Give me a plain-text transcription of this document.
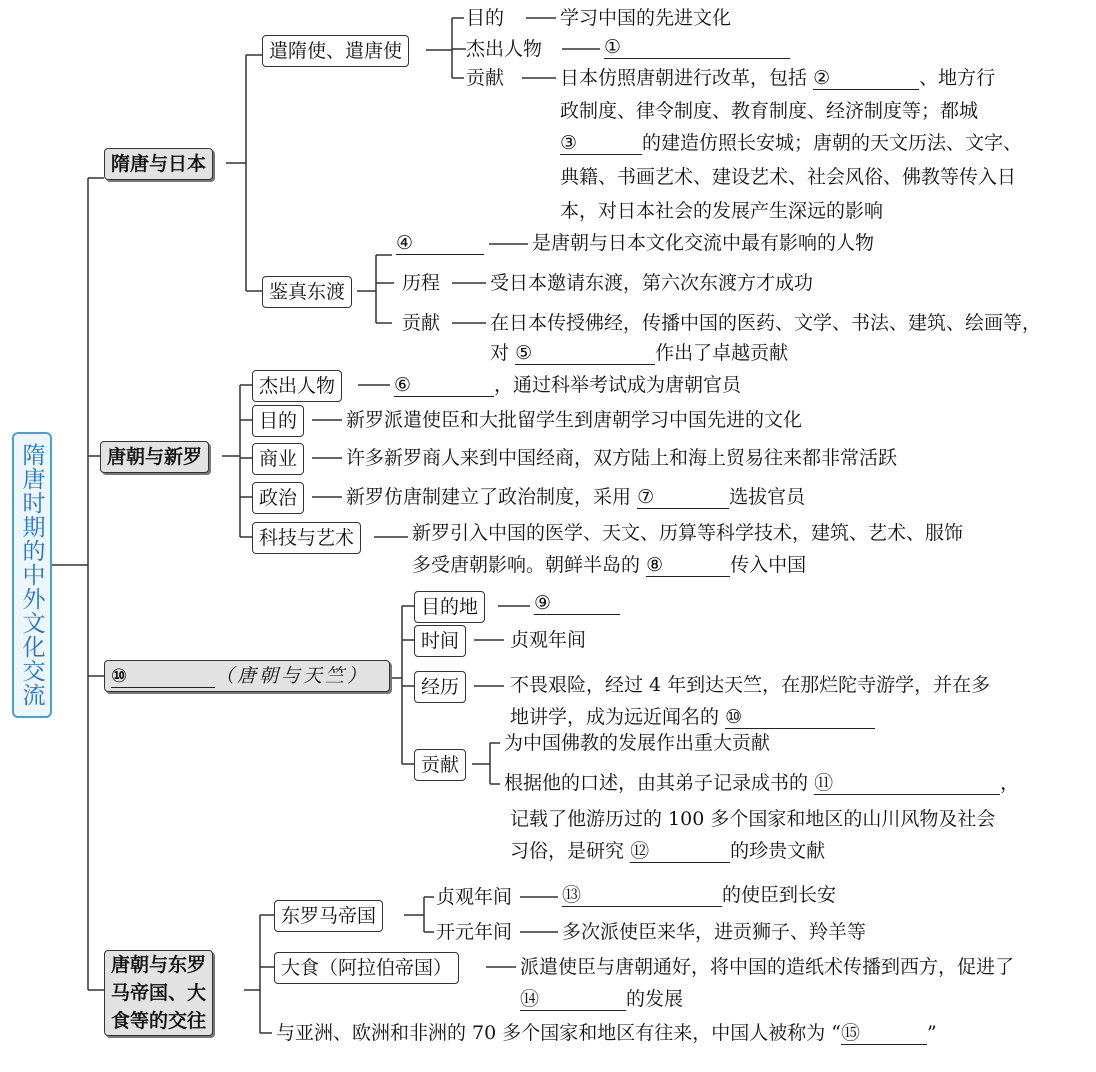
隋唐时期的中外文化交流
隋唐与日本
遣隋使、遣唐使
目的	学习中国的先进文化
杰出人物	①
贡献	日本仿照唐朝进行改革，包括 ②	、地方行
政制度、律令制度、教育制度、经济制度等；都城
③	的建造仿照长安城；唐朝的天文历法、文字、
典籍、书画艺术、建设艺术、社会风俗、佛教等传入日
本，对日本社会的发展产生深远的影响
鉴真东渡
④	是唐朝与日本文化交流中最有影响的人物
历程	受日本邀请东渡，第六次东渡方才成功
贡献	在日本传授佛经，传播中国的医药、文学、书法、建筑、绘画等，
对 ⑤	作出了卓越贡献
唐朝与新罗
杰出人物	⑥	，通过科举考试成为唐朝官员
目的	新罗派遣使臣和大批留学生到唐朝学习中国先进的文化
商业	许多新罗商人来到中国经商，双方陆上和海上贸易往来都非常活跃
政治	新罗仿唐制建立了政治制度，采用 ⑦	选拔官员
科技与艺术	新罗引入中国的医学、天文、历算等科学技术，建筑、艺术、服饰
多受唐朝影响。朝鲜半岛的 ⑧	传入中国
⑩	（唐朝与天竺）
目的地	⑨
时间	贞观年间
经历	不畏艰险，经过 4 年到达天竺，在那烂陀寺游学，并在多
地讲学，成为远近闻名的 ⑩
贡献
为中国佛教的发展作出重大贡献
根据他的口述，由其弟子记录成书的 ⑪	，
记载了他游历过的 100 多个国家和地区的山川风物及社会
习俗，是研究 ⑫	的珍贵文献
唐朝与东罗
马帝国、大
食等的交往
东罗马帝国
贞观年间	⑬	的使臣到长安
开元年间	多次派使臣来华，进贡狮子、羚羊等
大食（阿拉伯帝国）	派遣使臣与唐朝通好，将中国的造纸术传播到西方，促进了
⑭	的发展
与亚洲、欧洲和非洲的 70 多个国家和地区有往来，中国人被称为 “⑮	”
